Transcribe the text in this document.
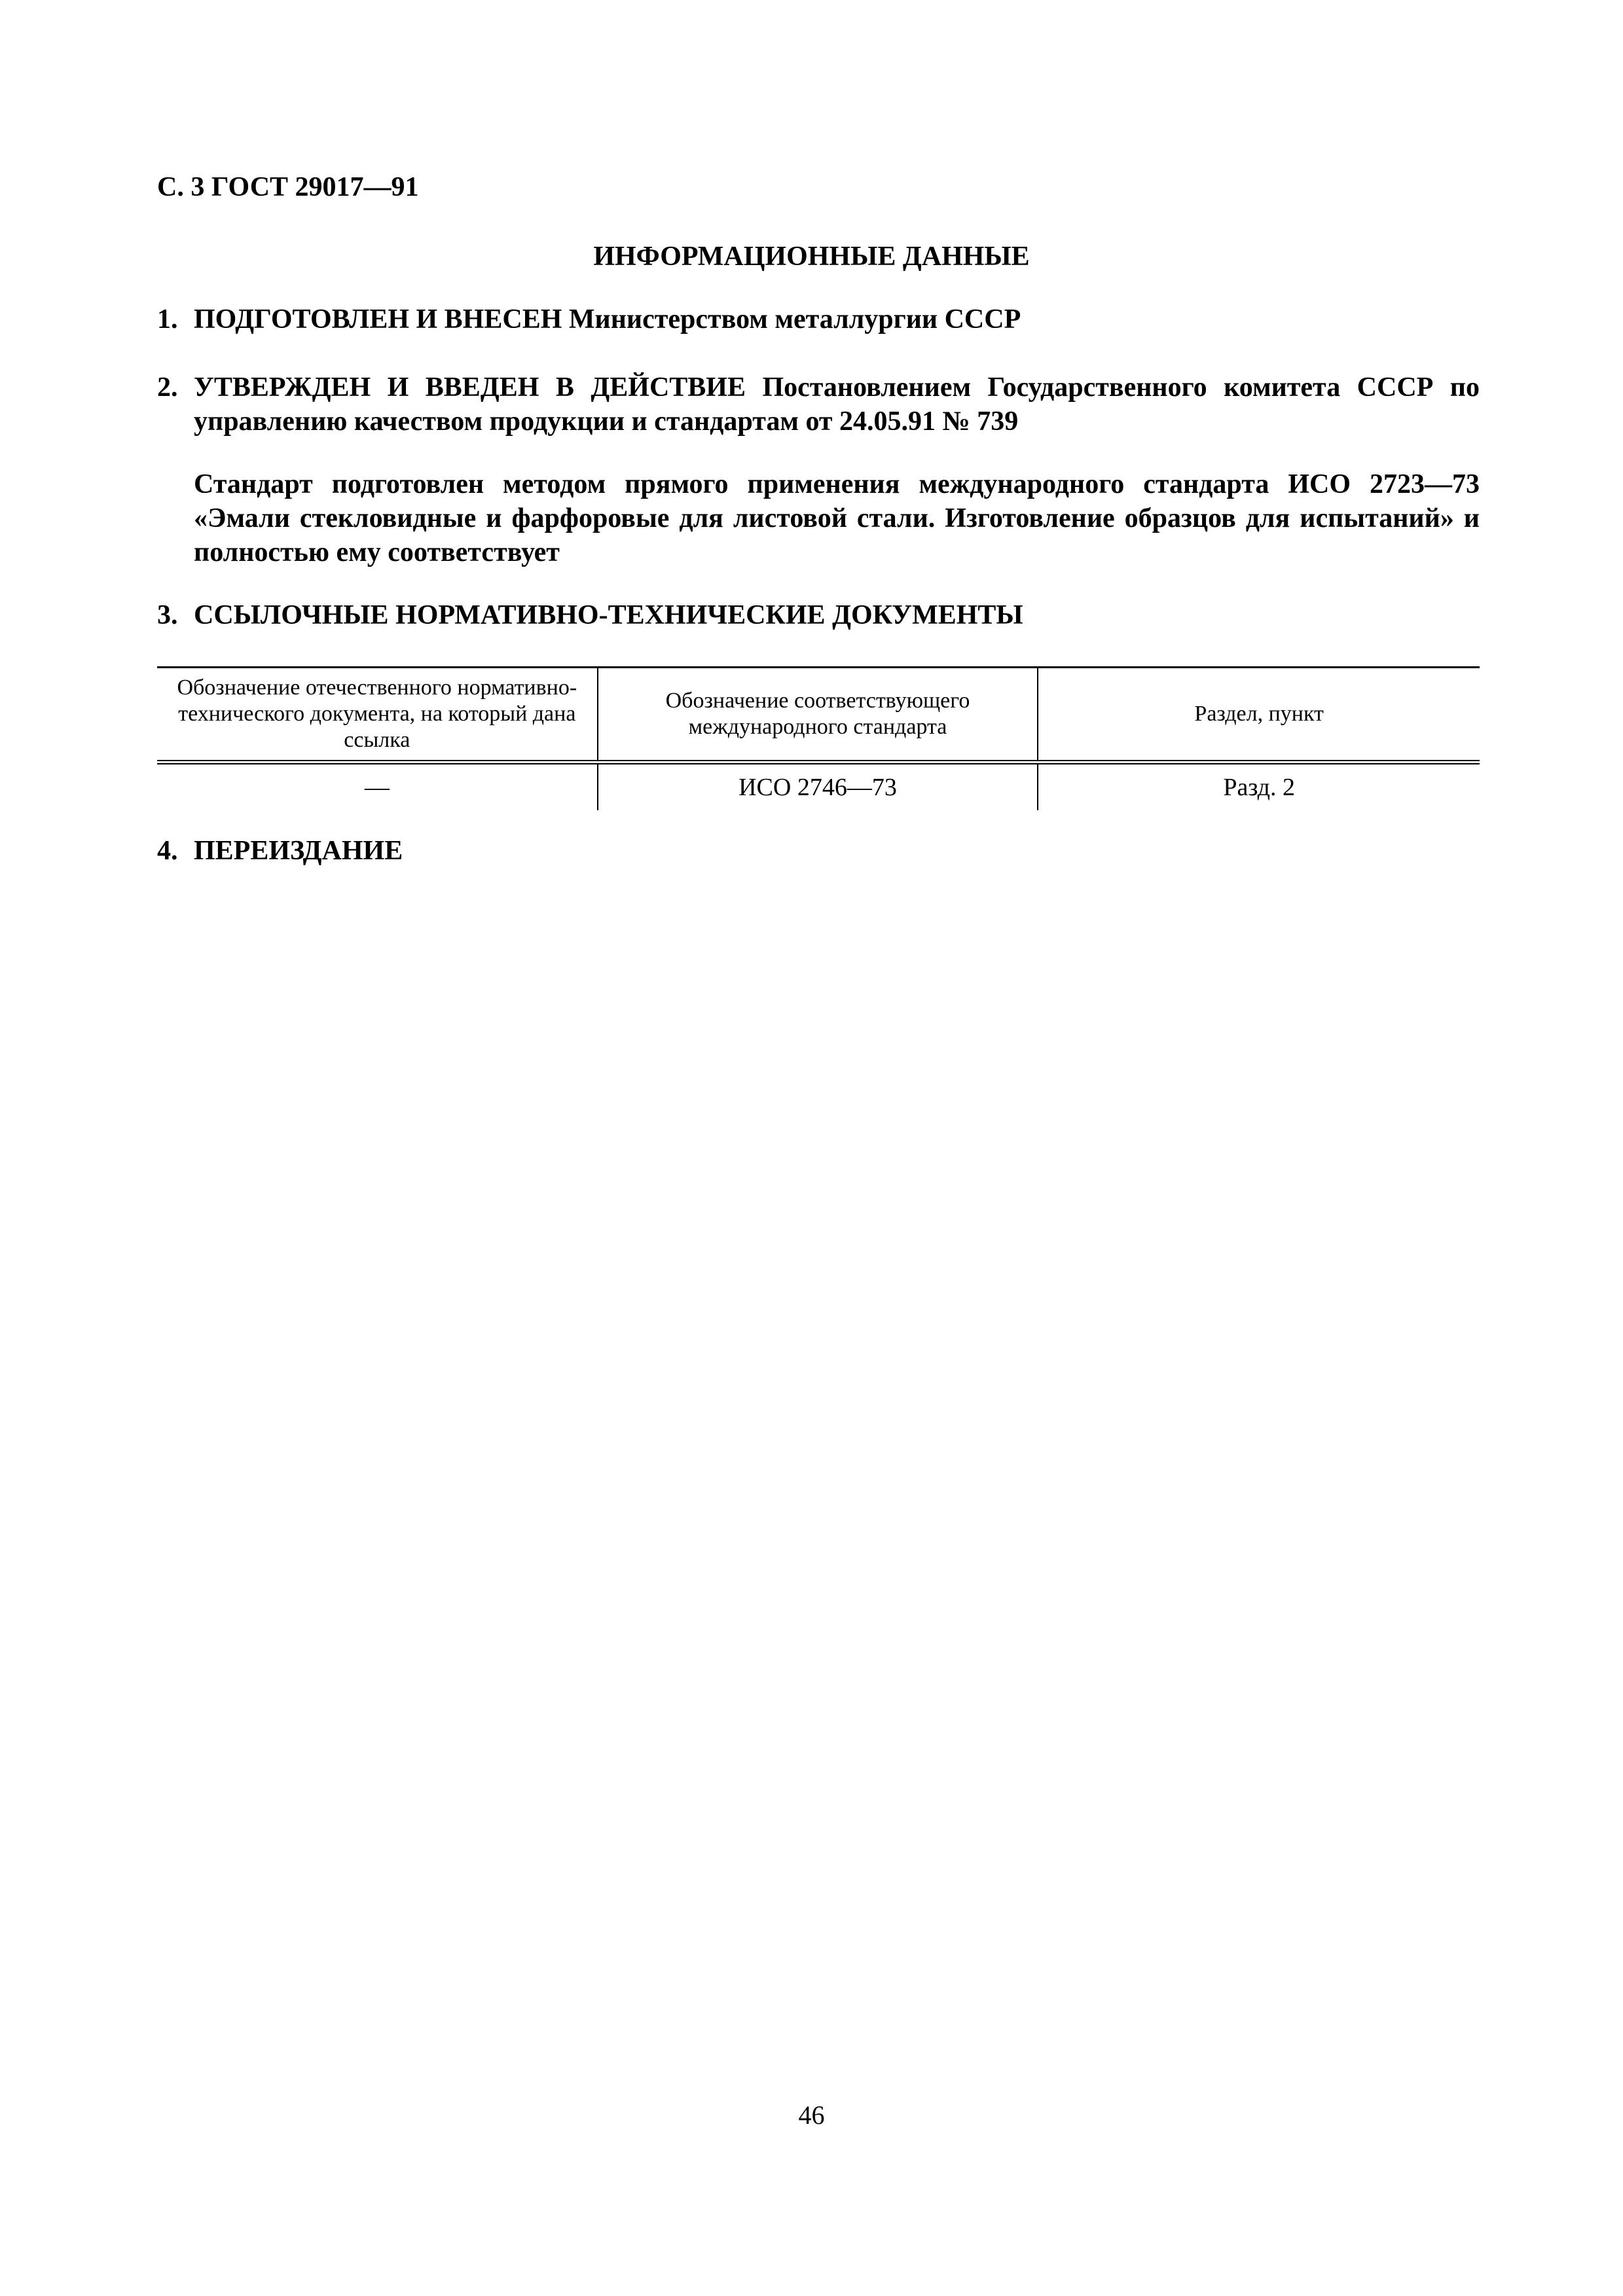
С. 3 ГОСТ 29017—91
ИНФОРМАЦИОННЫЕ ДАННЫЕ
1. ПОДГОТОВЛЕН И ВНЕСЕН Министерством металлургии СССР
2. УТВЕРЖДЕН И ВВЕДЕН В ДЕЙСТВИЕ Постановлением Государственного комитета СССР по управлению качеством продукции и стандартам от 24.05.91 № 739
Стандарт подготовлен методом прямого применения международного стандарта ИСО 2723—73 «Эмали стекловидные и фарфоровые для листовой стали. Изготовление образцов для испытаний» и полностью ему соответствует
3. ССЫЛОЧНЫЕ НОРМАТИВНО-ТЕХНИЧЕСКИЕ ДОКУМЕНТЫ
Обозначение отечественного нормативно-технического документа, на который дана ссылка	Обозначение соответствующего международного стандарта	Раздел, пункт
—	ИСО 2746—73	Разд. 2
4. ПЕРЕИЗДАНИЕ
46
